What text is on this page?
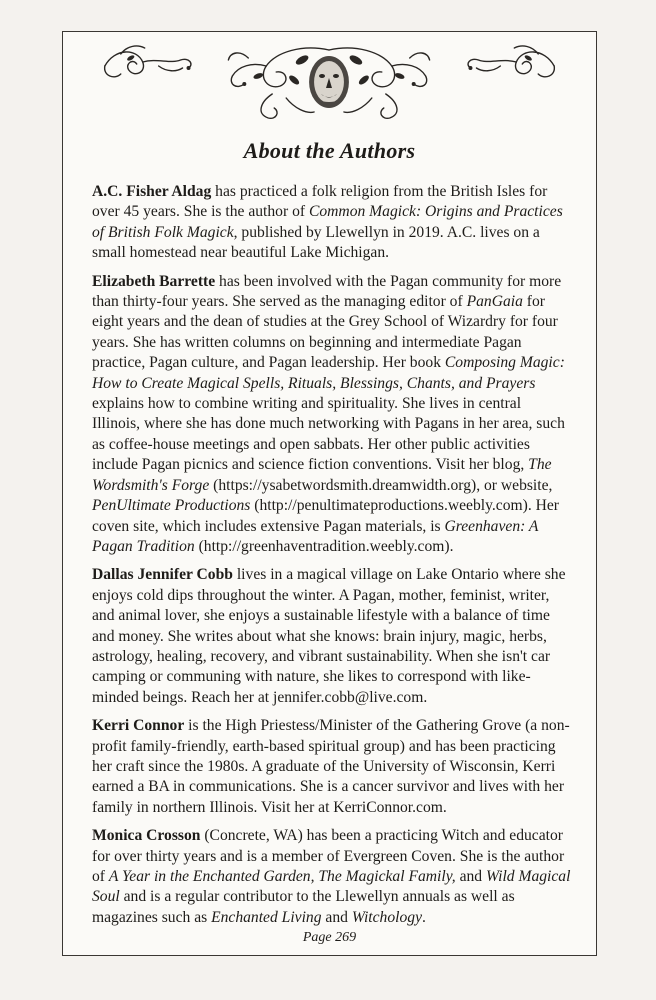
About the Authors

A.C. Fisher Aldag has practiced a folk religion from the British Isles for over 45 years. She is the author of Common Magick: Origins and Practices of British Folk Magick, published by Llewellyn in 2019. A.C. lives on a small homestead near beautiful Lake Michigan.

Elizabeth Barrette has been involved with the Pagan community for more than thirty-four years. She served as the managing editor of PanGaia for eight years and the dean of studies at the Grey School of Wizardry for four years. She has written columns on beginning and intermediate Pagan practice, Pagan culture, and Pagan leadership. Her book Composing Magic: How to Create Magical Spells, Rituals, Blessings, Chants, and Prayers explains how to combine writing and spirituality. She lives in central Illinois, where she has done much networking with Pagans in her area, such as coffee-house meetings and open sabbats. Her other public activities include Pagan picnics and science fiction conventions. Visit her blog, The Wordsmith's Forge (https://ysabetwordsmith.dreamwidth.org), or website, PenUltimate Productions (http://penultimateproductions.weebly.com). Her coven site, which includes extensive Pagan materials, is Greenhaven: A Pagan Tradition (http://greenhaventradition.weebly.com).

Dallas Jennifer Cobb lives in a magical village on Lake Ontario where she enjoys cold dips throughout the winter. A Pagan, mother, feminist, writer, and animal lover, she enjoys a sustainable lifestyle with a balance of time and money. She writes about what she knows: brain injury, magic, herbs, astrology, healing, recovery, and vibrant sustainability. When she isn't car camping or communing with nature, she likes to correspond with like-minded beings. Reach her at jennifer.cobb@live.com.

Kerri Connor is the High Priestess/Minister of the Gathering Grove (a non-profit family-friendly, earth-based spiritual group) and has been practicing her craft since the 1980s. A graduate of the University of Wisconsin, Kerri earned a BA in communications. She is a cancer survivor and lives with her family in northern Illinois. Visit her at KerriConnor.com.

Monica Crosson (Concrete, WA) has been a practicing Witch and educator for over thirty years and is a member of Evergreen Coven. She is the author of A Year in the Enchanted Garden, The Magickal Family, and Wild Magical Soul and is a regular contributor to the Llewellyn annuals as well as magazines such as Enchanted Living and Witchology.

Page 269
